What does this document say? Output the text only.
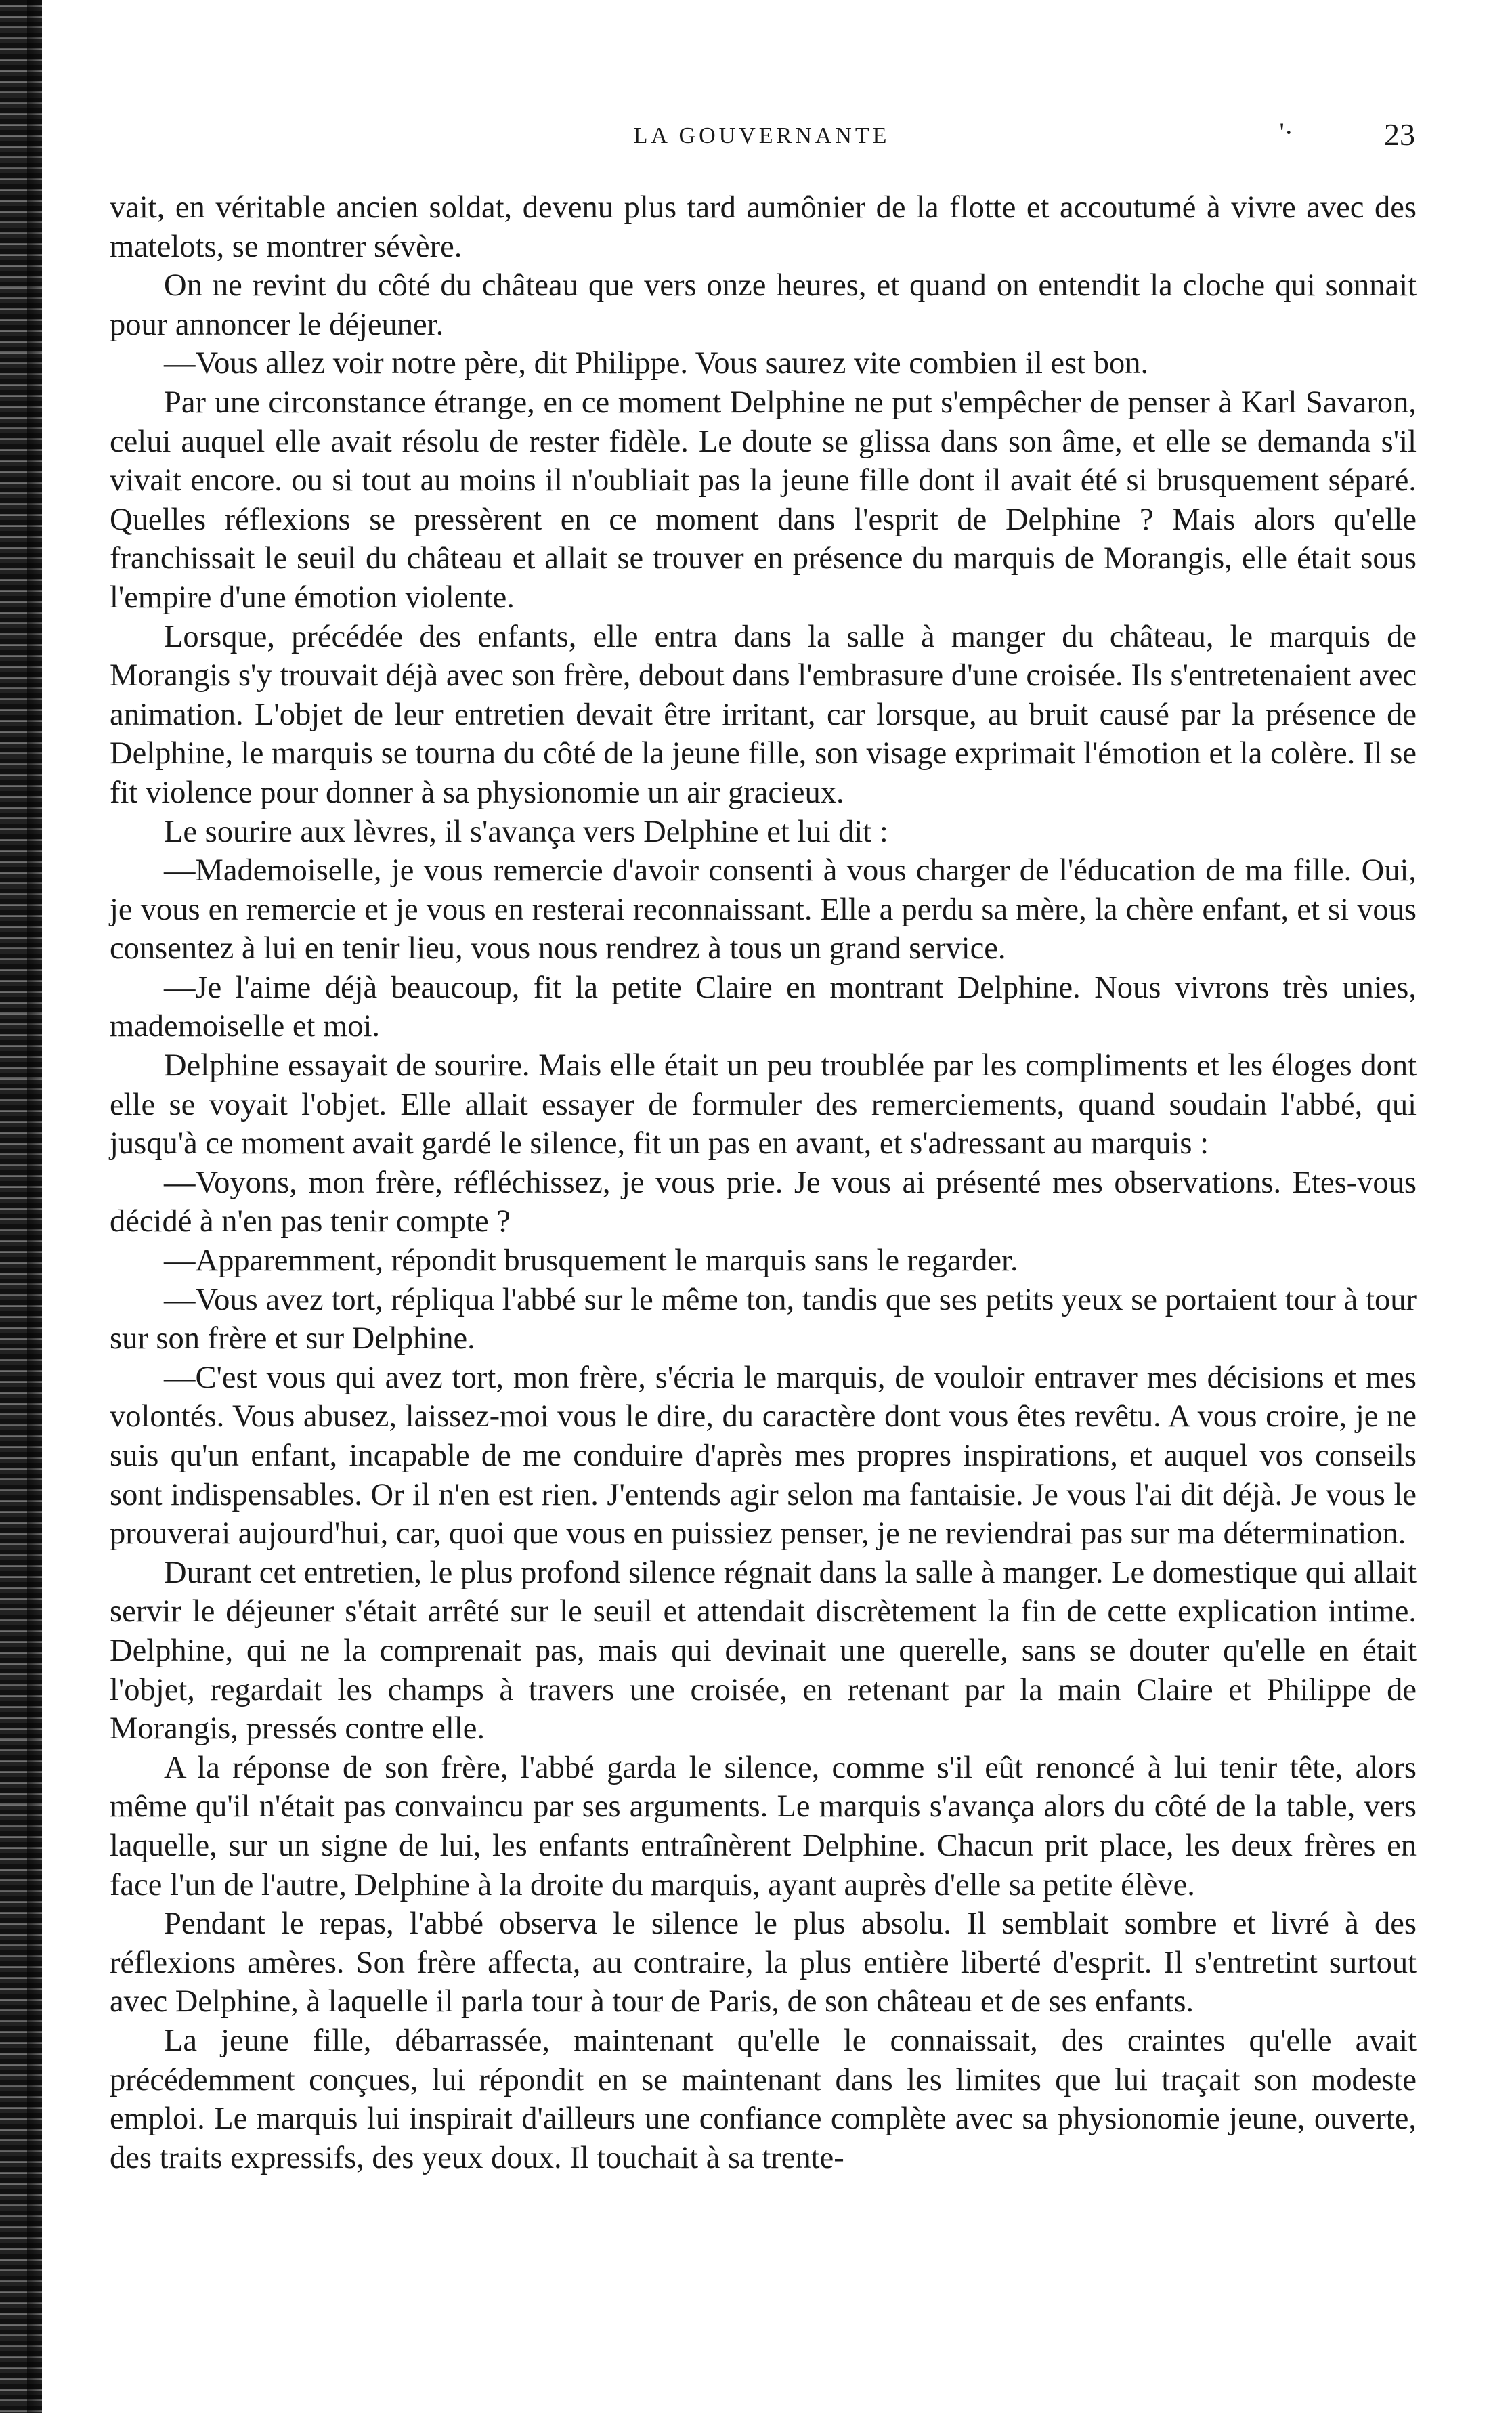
LA GOUVERNANTE	'·	23

vait, en véritable ancien soldat, devenu plus tard aumônier de la flotte et accoutumé à vivre avec des matelots, se montrer sévère.

On ne revint du côté du château que vers onze heures, et quand on entendit la cloche qui sonnait pour annoncer le déjeuner.

—Vous allez voir notre père, dit Philippe. Vous saurez vite combien il est bon.

Par une circonstance étrange, en ce moment Delphine ne put s'empêcher de penser à Karl Savaron, celui auquel elle avait résolu de rester fidèle. Le doute se glissa dans son âme, et elle se demanda s'il vivait encore. ou si tout au moins il n'oubliait pas la jeune fille dont il avait été si brusquement séparé. Quelles réflexions se pressèrent en ce moment dans l'esprit de Delphine ? Mais alors qu'elle franchissait le seuil du château et allait se trouver en présence du marquis de Morangis, elle était sous l'empire d'une émotion violente.

Lorsque, précédée des enfants, elle entra dans la salle à manger du château, le marquis de Morangis s'y trouvait déjà avec son frère, debout dans l'embrasure d'une croisée. Ils s'entretenaient avec animation. L'objet de leur entretien devait être irritant, car lorsque, au bruit causé par la présence de Delphine, le marquis se tourna du côté de la jeune fille, son visage exprimait l'émotion et la colère. Il se fit violence pour donner à sa physionomie un air gracieux.

Le sourire aux lèvres, il s'avança vers Delphine et lui dit :

—Mademoiselle, je vous remercie d'avoir consenti à vous charger de l'éducation de ma fille. Oui, je vous en remercie et je vous en resterai reconnaissant. Elle a perdu sa mère, la chère enfant, et si vous consentez à lui en tenir lieu, vous nous rendrez à tous un grand service.

—Je l'aime déjà beaucoup, fit la petite Claire en montrant Delphine. Nous vivrons très unies, mademoiselle et moi.

Delphine essayait de sourire. Mais elle était un peu troublée par les compliments et les éloges dont elle se voyait l'objet. Elle allait essayer de formuler des remerciements, quand soudain l'abbé, qui jusqu'à ce moment avait gardé le silence, fit un pas en avant, et s'adressant au marquis :

—Voyons, mon frère, réfléchissez, je vous prie. Je vous ai présenté mes observations. Etes-vous décidé à n'en pas tenir compte ?

—Apparemment, répondit brusquement le marquis sans le regarder.

—Vous avez tort, répliqua l'abbé sur le même ton, tandis que ses petits yeux se portaient tour à tour sur son frère et sur Delphine.

—C'est vous qui avez tort, mon frère, s'écria le marquis, de vouloir entraver mes décisions et mes volontés. Vous abusez, laissez-moi vous le dire, du caractère dont vous êtes revêtu. A vous croire, je ne suis qu'un enfant, incapable de me conduire d'après mes propres inspirations, et auquel vos conseils sont indispensables. Or il n'en est rien. J'entends agir selon ma fantaisie. Je vous l'ai dit déjà. Je vous le prouverai aujourd'hui, car, quoi que vous en puissiez penser, je ne reviendrai pas sur ma détermination.

Durant cet entretien, le plus profond silence régnait dans la salle à manger. Le domestique qui allait servir le déjeuner s'était arrêté sur le seuil et attendait discrètement la fin de cette explication intime. Delphine, qui ne la comprenait pas, mais qui devinait une querelle, sans se douter qu'elle en était l'objet, regardait les champs à travers une croisée, en retenant par la main Claire et Philippe de Morangis, pressés contre elle.

A la réponse de son frère, l'abbé garda le silence, comme s'il eût renoncé à lui tenir tête, alors même qu'il n'était pas convaincu par ses arguments. Le marquis s'avança alors du côté de la table, vers laquelle, sur un signe de lui, les enfants entraînèrent Delphine. Chacun prit place, les deux frères en face l'un de l'autre, Delphine à la droite du marquis, ayant auprès d'elle sa petite élève.

Pendant le repas, l'abbé observa le silence le plus absolu. Il semblait sombre et livré à des réflexions amères. Son frère affecta, au contraire, la plus entière liberté d'esprit. Il s'entretint surtout avec Delphine, à laquelle il parla tour à tour de Paris, de son château et de ses enfants.

La jeune fille, débarrassée, maintenant qu'elle le connaissait, des craintes qu'elle avait précédemment conçues, lui répondit en se maintenant dans les limites que lui traçait son modeste emploi. Le marquis lui inspirait d'ailleurs une confiance complète avec sa physionomie jeune, ouverte, des traits expressifs, des yeux doux. Il touchait à sa trente-
